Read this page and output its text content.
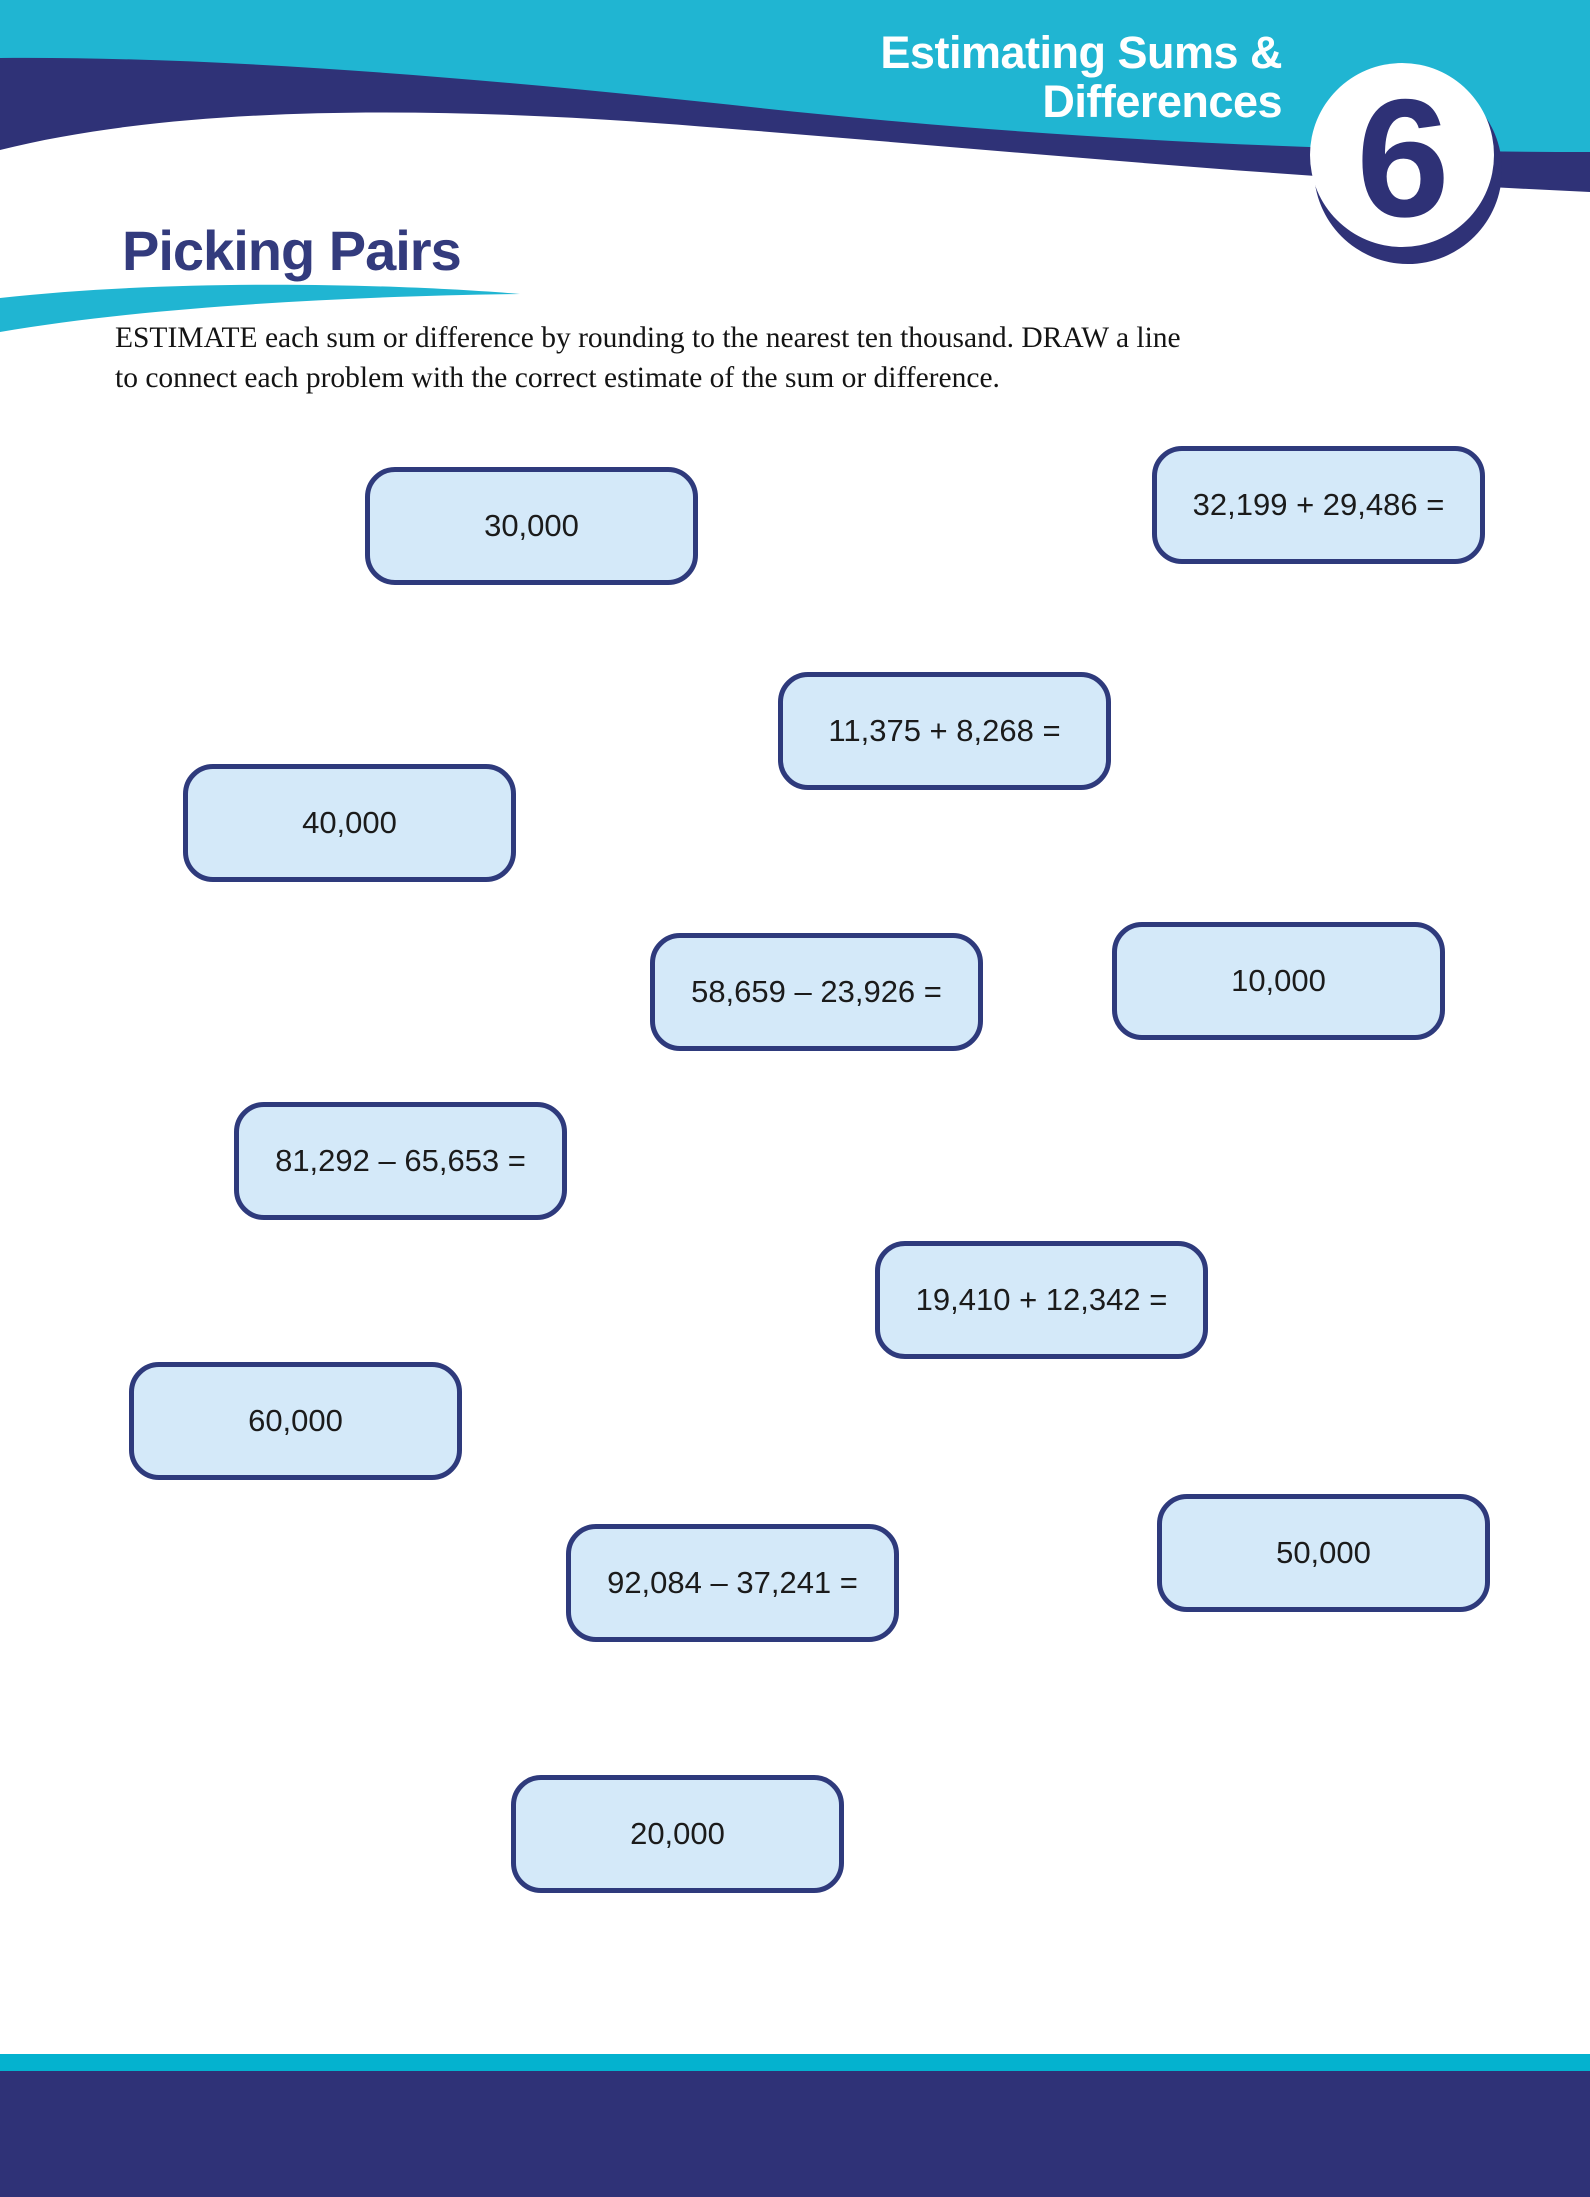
Estimating Sums &
Differences 6
Picking Pairs
ESTIMATE each sum or difference by rounding to the nearest ten thousand. DRAW a line
to connect each problem with the correct estimate of the sum or difference.
32,199 + 29,486 =
30,000
11,375 + 8,268 =
40,000
10,000
58,659 – 23,926 =
81,292 – 65,653 =
19,410 + 12,342 =
60,000
50,000
92,084 – 37,241 =
20,000
